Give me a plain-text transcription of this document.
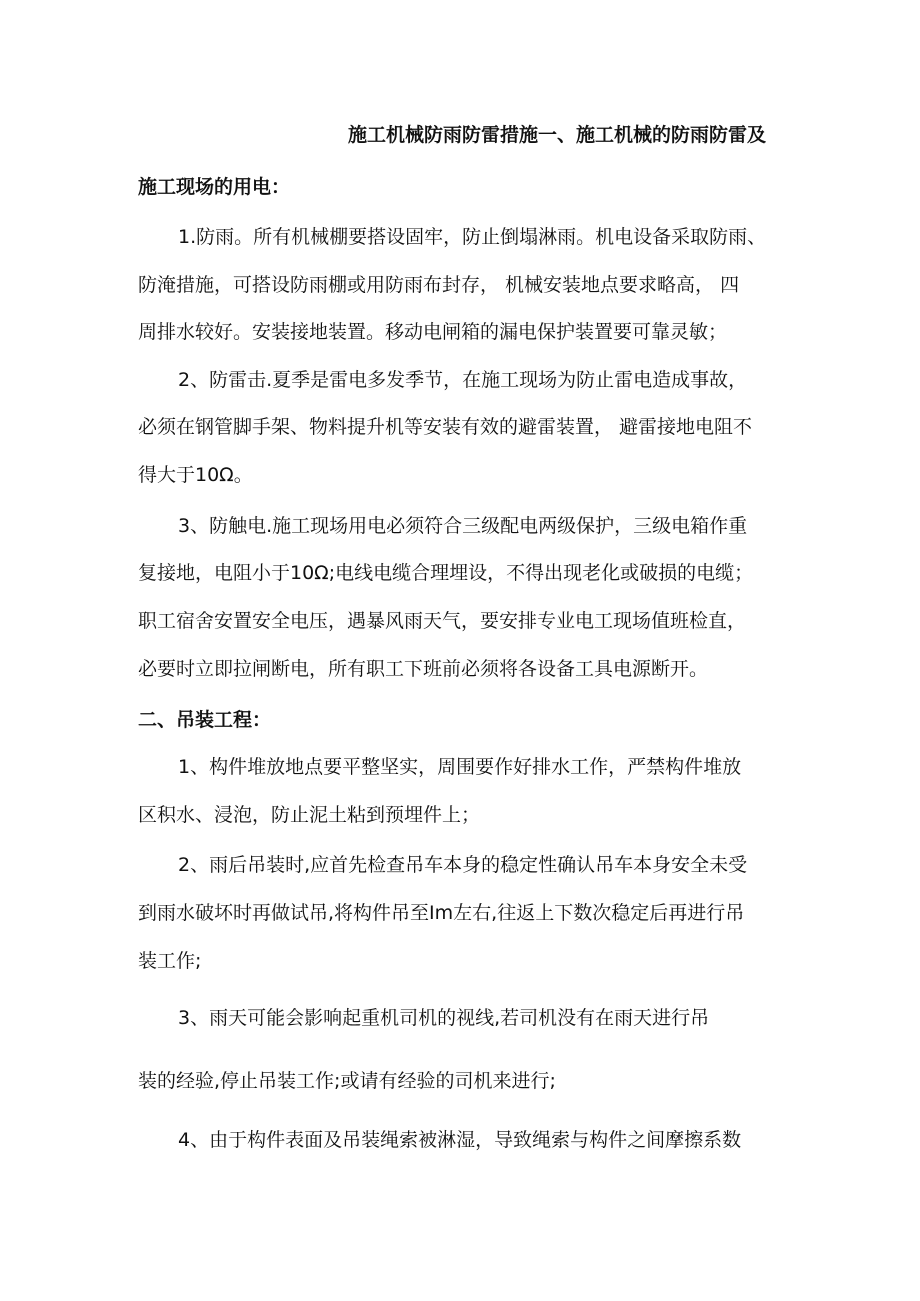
施工机械防雨防雷措施一、施工机械的防雨防雷及
施工现场的用电：
1.防雨。所有机械棚要搭设固牢，防止倒塌淋雨。机电设备采取防雨、
防淹措施，可搭设防雨棚或用防雨布封存， 机械安装地点要求略高， 四
周排水较好。安装接地装置。移动电闸箱的漏电保护装置要可靠灵敏；
2、防雷击.夏季是雷电多发季节，在施工现场为防止雷电造成事故，
必须在钢管脚手架、物料提升机等安装有效的避雷装置， 避雷接地电阻不
得大于10Ω。
3、防触电.施工现场用电必须符合三级配电两级保护，三级电箱作重
复接地，电阻小于10Ω;电线电缆合理埋设，不得出现老化或破损的电缆；
职工宿舍安置安全电压，遇暴风雨天气，要安排专业电工现场值班检直，
必要时立即拉闸断电，所有职工下班前必须将各设备工具电源断开。
二、吊装工程：
1、构件堆放地点要平整坚实，周围要作好排水工作，严禁构件堆放
区积水、浸泡，防止泥土粘到预埋件上；
2、雨后吊装时,应首先检查吊车本身的稳定性确认吊车本身安全未受
到雨水破坏时再做试吊,将构件吊至Im左右,往返上下数次稳定后再进行吊
装工作;
3、雨天可能会影响起重机司机的视线,若司机没有在雨天进行吊
装的经验,停止吊装工作;或请有经验的司机来进行;
4、由于构件表面及吊装绳索被淋湿，导致绳索与构件之间摩擦系数
